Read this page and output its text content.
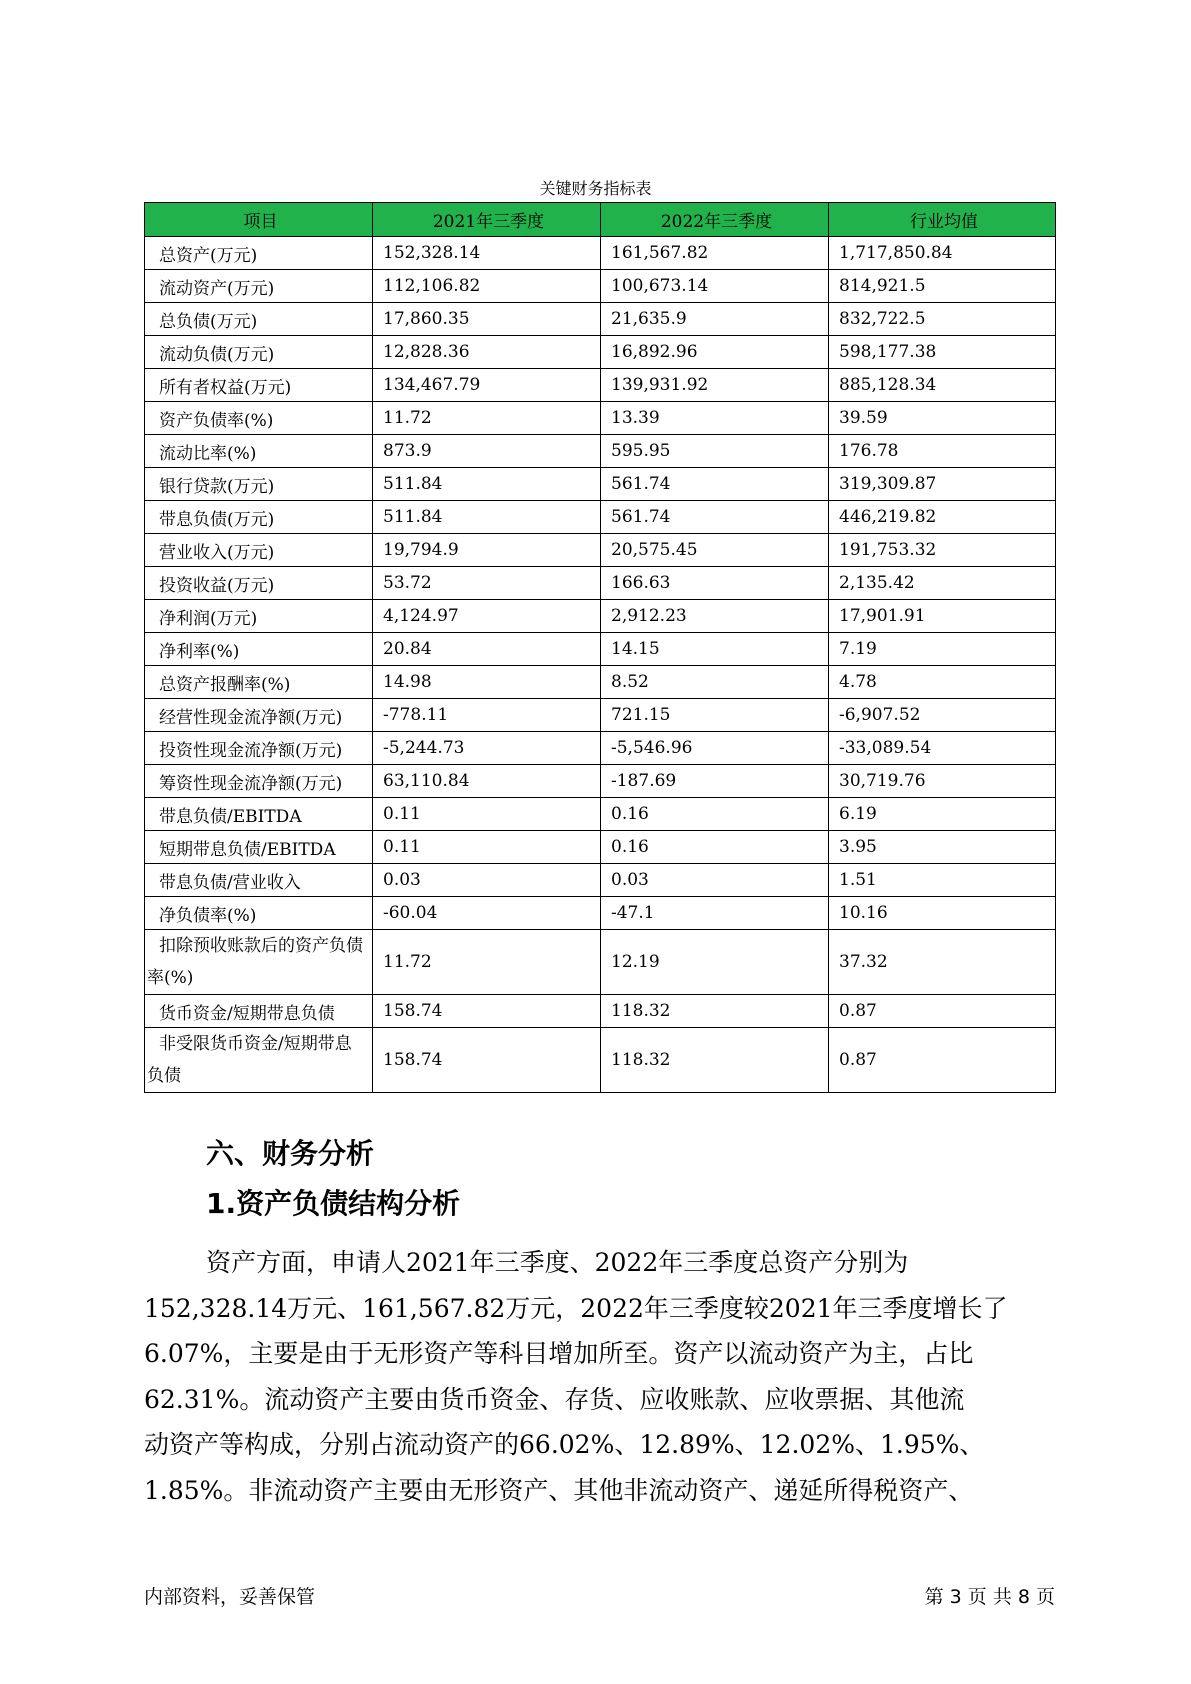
关键财务指标表
项目	2021年三季度	2022年三季度	行业均值
总资产(万元)	152,328.14	161,567.82	1,717,850.84
流动资产(万元)	112,106.82	100,673.14	814,921.5
总负债(万元)	17,860.35	21,635.9	832,722.5
流动负债(万元)	12,828.36	16,892.96	598,177.38
所有者权益(万元)	134,467.79	139,931.92	885,128.34
资产负债率(%)	11.72	13.39	39.59
流动比率(%)	873.9	595.95	176.78
银行贷款(万元)	511.84	561.74	319,309.87
带息负债(万元)	511.84	561.74	446,219.82
营业收入(万元)	19,794.9	20,575.45	191,753.32
投资收益(万元)	53.72	166.63	2,135.42
净利润(万元)	4,124.97	2,912.23	17,901.91
净利率(%)	20.84	14.15	7.19
总资产报酬率(%)	14.98	8.52	4.78
经营性现金流净额(万元)	-778.11	721.15	-6,907.52
投资性现金流净额(万元)	-5,244.73	-5,546.96	-33,089.54
筹资性现金流净额(万元)	63,110.84	-187.69	30,719.76
带息负债/EBITDA	0.11	0.16	6.19
短期带息负债/EBITDA	0.11	0.16	3.95
带息负债/营业收入	0.03	0.03	1.51
净负债率(%)	-60.04	-47.1	10.16
扣除预收账款后的资产负债率(%)	11.72	12.19	37.32
货币资金/短期带息负债	158.74	118.32	0.87
非受限货币资金/短期带息负债	158.74	118.32	0.87
六、财务分析
1.资产负债结构分析
资产方面，申请人2021年三季度、2022年三季度总资产分别为
152,328.14万元、161,567.82万元，2022年三季度较2021年三季度增长了
6.07%，主要是由于无形资产等科目增加所至。资产以流动资产为主，占比
62.31%。流动资产主要由货币资金、存货、应收账款、应收票据、其他流
动资产等构成，分别占流动资产的66.02%、12.89%、12.02%、1.95%、
1.85%。非流动资产主要由无形资产、其他非流动资产、递延所得税资产、
内部资料，妥善保管	第 3 页 共 8 页
